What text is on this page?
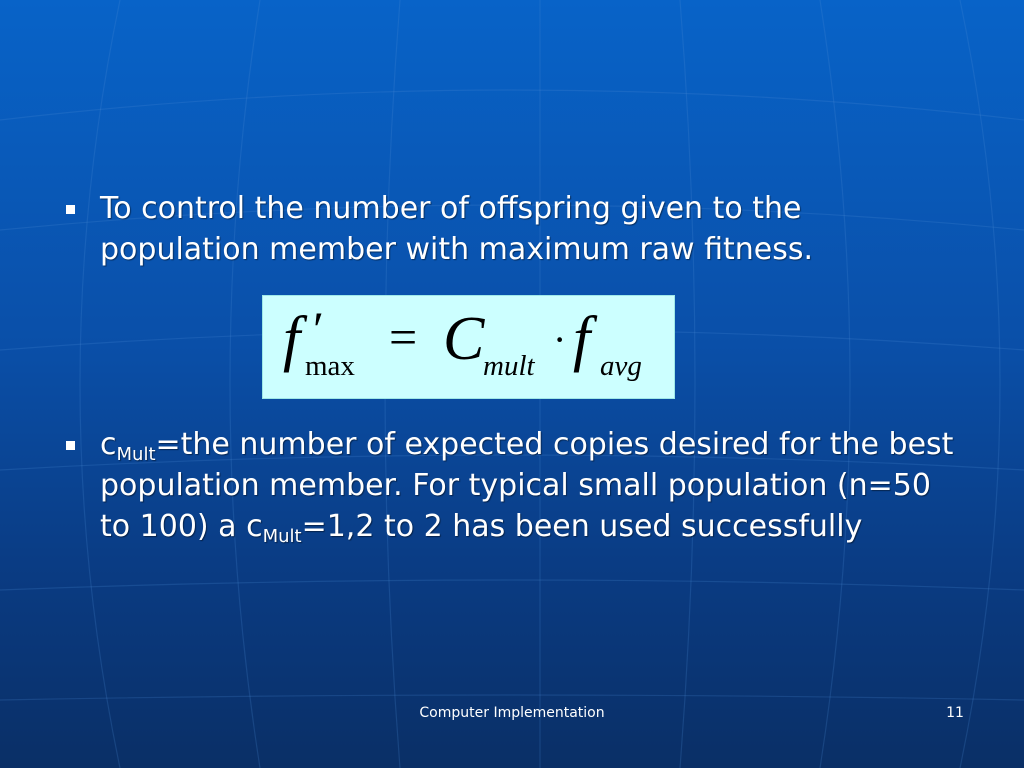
To control the number of offspring given to the population member with maximum raw fitness.
f ′
max
= C
mult
· f avg
$c_{Mult}=the$ number of expected copies desired for the best population member. For typical small population (n=50 to 100) a $c_{Mult}=1,2$ to 2 has been used successfully
Computer Implementation	11
